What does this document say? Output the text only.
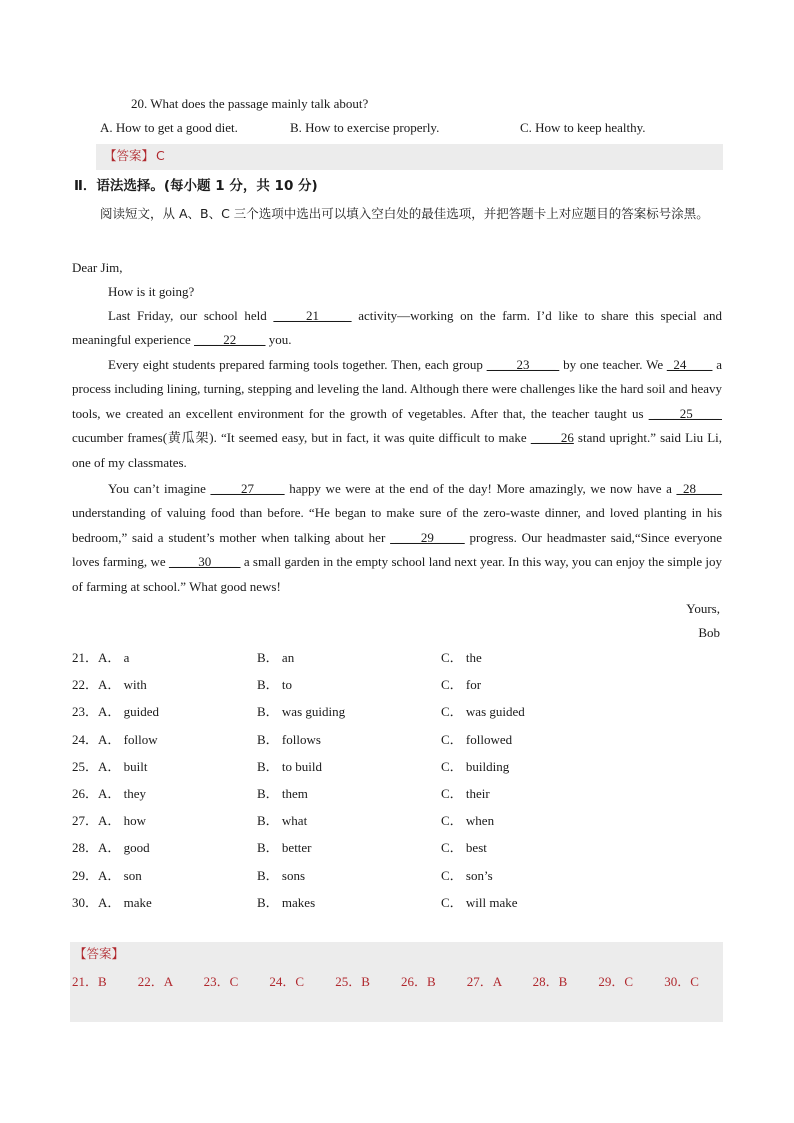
20. What does the passage mainly talk about?
A. How to get a good diet.	B. How to exercise properly.	C. How to keep healthy.
【答案】 C
Ⅱ．语法选择。(每小题 1 分，共 10 分)
阅读短文，从 A、B、C 三个选项中选出可以填入空白处的最佳选项，并把答题卡上对应题目的答案标号涂黑。
Dear Jim,
How is it going?
Last Friday, our school held  ____21____  activity—working on the farm. I’d like to share this special and meaningful experience  ____22____  you.
Every eight students prepared farming tools together. Then, each group  ____23____  by one teacher. We _24____ a process including lining, turning, stepping and leveling the land. Although there were challenges like the hard soil and heavy tools, we created an excellent environment for the growth of vegetables. After that, the teacher taught us  ____25____  cucumber frames(黄瓜架). “It seemed easy, but in fact, it was quite difficult to make  ____26 stand upright.” said Liu Li, one of my classmates.
You can’t imagine  ____27____  happy we were at the end of the day! More amazingly, we now have a _28____ understanding of valuing food than before. “He began to make sure of the zero-waste dinner, and loved planting in his bedroom,” said a student’s mother when talking about her  ____29____  progress. Our headmaster said,“Since everyone loves farming, we  ____30____  a small garden in the empty school land next year. In this way, you can enjoy the simple joy of farming at school.” What good news!
Yours,
Bob
21．A． a	B． an	C． the
22．A． with	B． to	C． for
23．A． guided	B． was guiding	C． was guided
24．A． follow	B． follows	C． followed
25．A． built	B． to build	C． building
26．A． they	B． them	C． their
27．A． how	B． what	C． when
28．A． good	B． better	C． best
29．A． son	B． sons	C． son’s
30．A． make	B． makes	C． will make
【答案】
21．B 22．A 23．C 24．C 25．B 26．B 27．A 28．B 29．C 30．C
